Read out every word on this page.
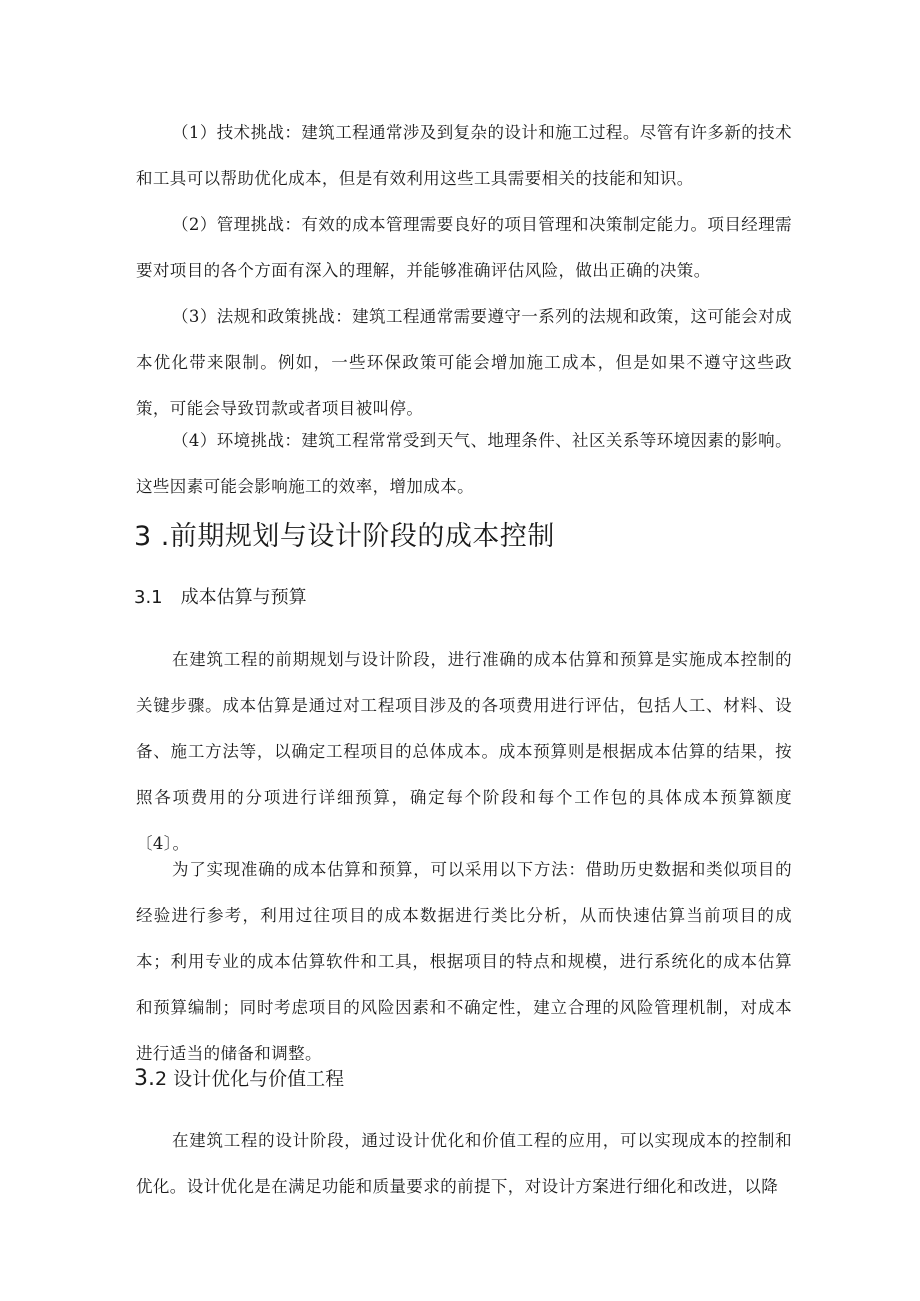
（1）技术挑战：建筑工程通常涉及到复杂的设计和施工过程。尽管有许多新的技术和工具可以帮助优化成本，但是有效利用这些工具需要相关的技能和知识。

（2）管理挑战：有效的成本管理需要良好的项目管理和决策制定能力。项目经理需要对项目的各个方面有深入的理解，并能够准确评估风险，做出正确的决策。

（3）法规和政策挑战：建筑工程通常需要遵守一系列的法规和政策，这可能会对成本优化带来限制。例如，一些环保政策可能会增加施工成本，但是如果不遵守这些政策，可能会导致罚款或者项目被叫停。

（4）环境挑战：建筑工程常常受到天气、地理条件、社区关系等环境因素的影响。这些因素可能会影响施工的效率，增加成本。

3 .前期规划与设计阶段的成本控制
3.1 成本估算与预算

在建筑工程的前期规划与设计阶段，进行准确的成本估算和预算是实施成本控制的关键步骤。成本估算是通过对工程项目涉及的各项费用进行评估，包括人工、材料、设备、施工方法等，以确定工程项目的总体成本。成本预算则是根据成本估算的结果，按照各项费用的分项进行详细预算，确定每个阶段和每个工作包的具体成本预算额度〔4〕。

为了实现准确的成本估算和预算，可以采用以下方法：借助历史数据和类似项目的经验进行参考，利用过往项目的成本数据进行类比分析，从而快速估算当前项目的成本；利用专业的成本估算软件和工具，根据项目的特点和规模，进行系统化的成本估算和预算编制；同时考虑项目的风险因素和不确定性，建立合理的风险管理机制，对成本进行适当的储备和调整。

3.2 设计优化与价值工程

在建筑工程的设计阶段，通过设计优化和价值工程的应用，可以实现成本的控制和优化。设计优化是在满足功能和质量要求的前提下，对设计方案进行细化和改进，以降
